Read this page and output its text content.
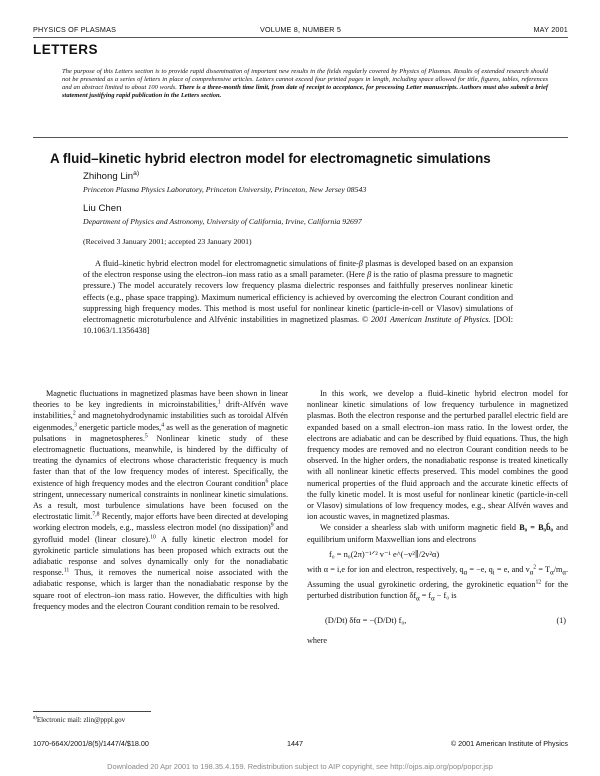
PHYSICS OF PLASMAS	VOLUME 8, NUMBER 5	MAY 2001
LETTERS
The purpose of this Letters section is to provide rapid dissemination of important new results in the fields regularly covered by Physics of Plasmas. Results of extended research should not be presented as a series of letters in place of comprehensive articles. Letters cannot exceed four printed pages in length, including space allowed for title, figures, tables, references and an abstract limited to about 100 words. There is a three-month time limit, from date of receipt to acceptance, for processing Letter manuscripts. Authors must also submit a brief statement justifying rapid publication in the Letters section.
A fluid–kinetic hybrid electron model for electromagnetic simulations
Zhihong Lin$^{a)}$
Princeton Plasma Physics Laboratory, Princeton University, Princeton, New Jersey 08543
Liu Chen
Department of Physics and Astronomy, University of California, Irvine, California 92697
(Received 3 January 2001; accepted 23 January 2001)
A fluid–kinetic hybrid electron model for electromagnetic simulations of finite-β plasmas is developed based on an expansion of the electron response using the electron–ion mass ratio as a small parameter. (Here β is the ratio of plasma pressure to magnetic pressure.) The model accurately recovers low frequency plasma dielectric responses and faithfully preserves nonlinear kinetic effects (e.g., phase space trapping). Maximum numerical efficiency is achieved by overcoming the electron Courant condition and suppressing high frequency modes. This method is most useful for nonlinear kinetic (particle-in-cell or Vlasov) simulations of electromagnetic microturbulence and Alfvénic instabilities in magnetized plasmas. © 2001 American Institute of Physics. [DOI: 10.1063/1.1356438]

Magnetic fluctuations in magnetized plasmas have been shown in linear theories to be key ingredients in microinstabilities,$^1$ drift-Alfvén wave instabilities,$^2$ and magnetohydrodynamic instabilities such as toroidal Alfvén eigenmodes,$^3$ energetic particle modes,$^4$ as well as the generation of magnetic pulsations in magnetospheres.$^5$ Nonlinear kinetic study of these electromagnetic fluctuations, meanwhile, is hindered by the difficulty of treating the dynamics of electrons whose characteristic frequency is much faster than that of the low frequency modes of interest. Specifically, the existence of high frequency modes and the electron Courant condition$^6$ place stringent, unnecessary numerical constraints in nonlinear kinetic simulations. As a result, most turbulence simulations have been focused on the electrostatic limit.$^{7,8}$ Recently, major efforts have been directed at developing working electron models, e.g., massless electron model (no dissipation)$^9$ and gyrofluid model (linear closure).$^{10}$ A fully kinetic electron model for gyrokinetic particle simulations has been proposed which extracts out the adiabatic response and solves dynamically only for the nonadiabatic response.$^{11}$ Thus, it removes the numerical noise associated with the adiabatic response, which is larger than the nonadiabatic response by the square root of electron–ion mass ratio. However, the difficulties with high frequency modes and the electron Courant condition remain to be resolved.

In this work, we develop a fluid–kinetic hybrid electron model for nonlinear kinetic simulations of low frequency turbulence in magnetized plasmas. Both the electron response and the perturbed parallel electric field are expanded based on a small electron–ion mass ratio. In the lowest order, the electrons are adiabatic and can be described by fluid equations. Thus, the high frequency modes are removed and no electron Courant condition needs to be observed. In the higher orders, the nonadiabatic response is treated kinetically with all nonlinear kinetic effects preserved. This model combines the good numerical properties of the fluid approach and the accurate kinetic effects of the fully kinetic model. It is most useful for nonlinear kinetic (particle-in-cell or Vlasov) simulations of low frequency modes, e.g., shear Alfvén waves and ion acoustic waves, in magnetized plasmas.

We consider a shearless slab with uniform magnetic field B₀ = B₀b̂₀ and equilibrium uniform Maxwellian ions and electrons

f₀ = n₀(2π)⁻¹ᐟ² v⁻¹ e^(−v²∥/2v²α)

with α = i,e for ion and electron, respectively, $q_\alpha = -e$, $q_i = e$, and $v_\alpha^2 = T_\alpha/m_\alpha$. Assuming the usual gyrokinetic ordering, the gyrokinetic equation$^{12}$ for the perturbed distribution function $\delta f_\alpha = f_\alpha - f_0$ is

(D/Dt) δfα = −(D/Dt) f₀,	(1)

where

$^{a)}$Electronic mail: zlin@pppl.gov
1070-664X/2001/8(5)/1447/4/$18.00	1447	© 2001 American Institute of Physics
Downloaded 20 Apr 2001 to 198.35.4.159. Redistribution subject to AIP copyright, see http://ojps.aip.org/pop/popcr.jsp
